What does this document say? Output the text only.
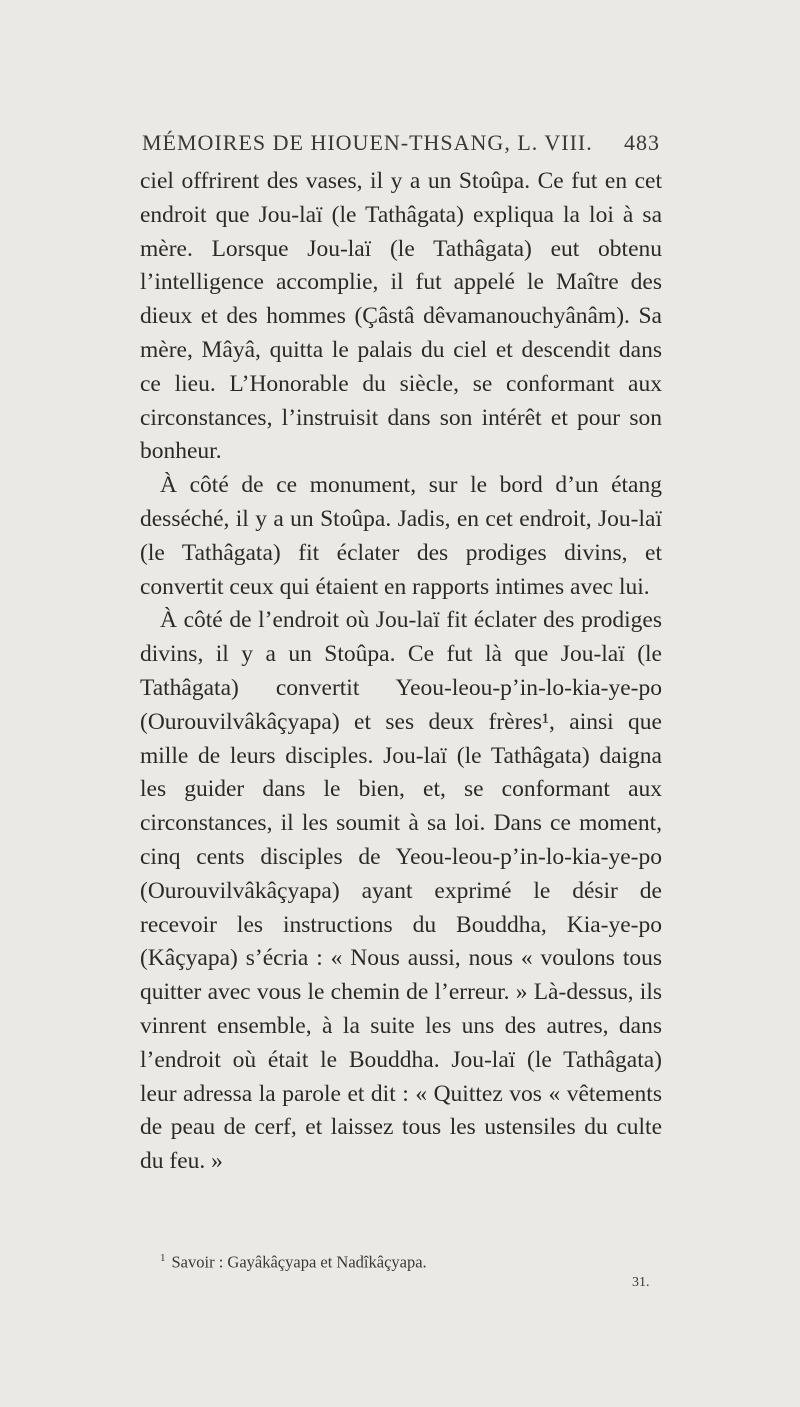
MÉMOIRES DE HIOUEN-THSANG, L. VIII. 483

ciel offrirent des vases, il y a un Stoûpa. Ce fut en cet endroit que Jou-laï (le Tathâgata) expliqua la loi à sa mère. Lorsque Jou-laï (le Tathâgata) eut obtenu l’intelligence accomplie, il fut appelé le Maître des dieux et des hommes (Çâstâ dêvamanouchyânâm). Sa mère, Mâyâ, quitta le palais du ciel et descendit dans ce lieu. L’Honorable du siècle, se conformant aux circonstances, l’instruisit dans son intérêt et pour son bonheur.

À côté de ce monument, sur le bord d’un étang desséché, il y a un Stoûpa. Jadis, en cet endroit, Jou-laï (le Tathâgata) fit éclater des prodiges divins, et convertit ceux qui étaient en rapports intimes avec lui.

À côté de l’endroit où Jou-laï fit éclater des prodiges divins, il y a un Stoûpa. Ce fut là que Jou-laï (le Tathâgata) convertit Yeou-leou-p’in-lo-kia-ye-po (Ourouvilvâkâçyapa) et ses deux frères¹, ainsi que mille de leurs disciples. Jou-laï (le Tathâgata) daigna les guider dans le bien, et, se conformant aux circonstances, il les soumit à sa loi. Dans ce moment, cinq cents disciples de Yeou-leou-p’in-lo-kia-ye-po (Ourouvilvâkâçyapa) ayant exprimé le désir de recevoir les instructions du Bouddha, Kia-ye-po (Kâçyapa) s’écria : « Nous aussi, nous « voulons tous quitter avec vous le chemin de l’erreur. » Là-dessus, ils vinrent ensemble, à la suite les uns des autres, dans l’endroit où était le Bouddha. Jou-laï (le Tathâgata) leur adressa la parole et dit : « Quittez vos « vêtements de peau de cerf, et laissez tous les ustensiles du culte du feu. »

$^1$ Savoir : Gayâkâçyapa et Nadîkâçyapa.
31.
